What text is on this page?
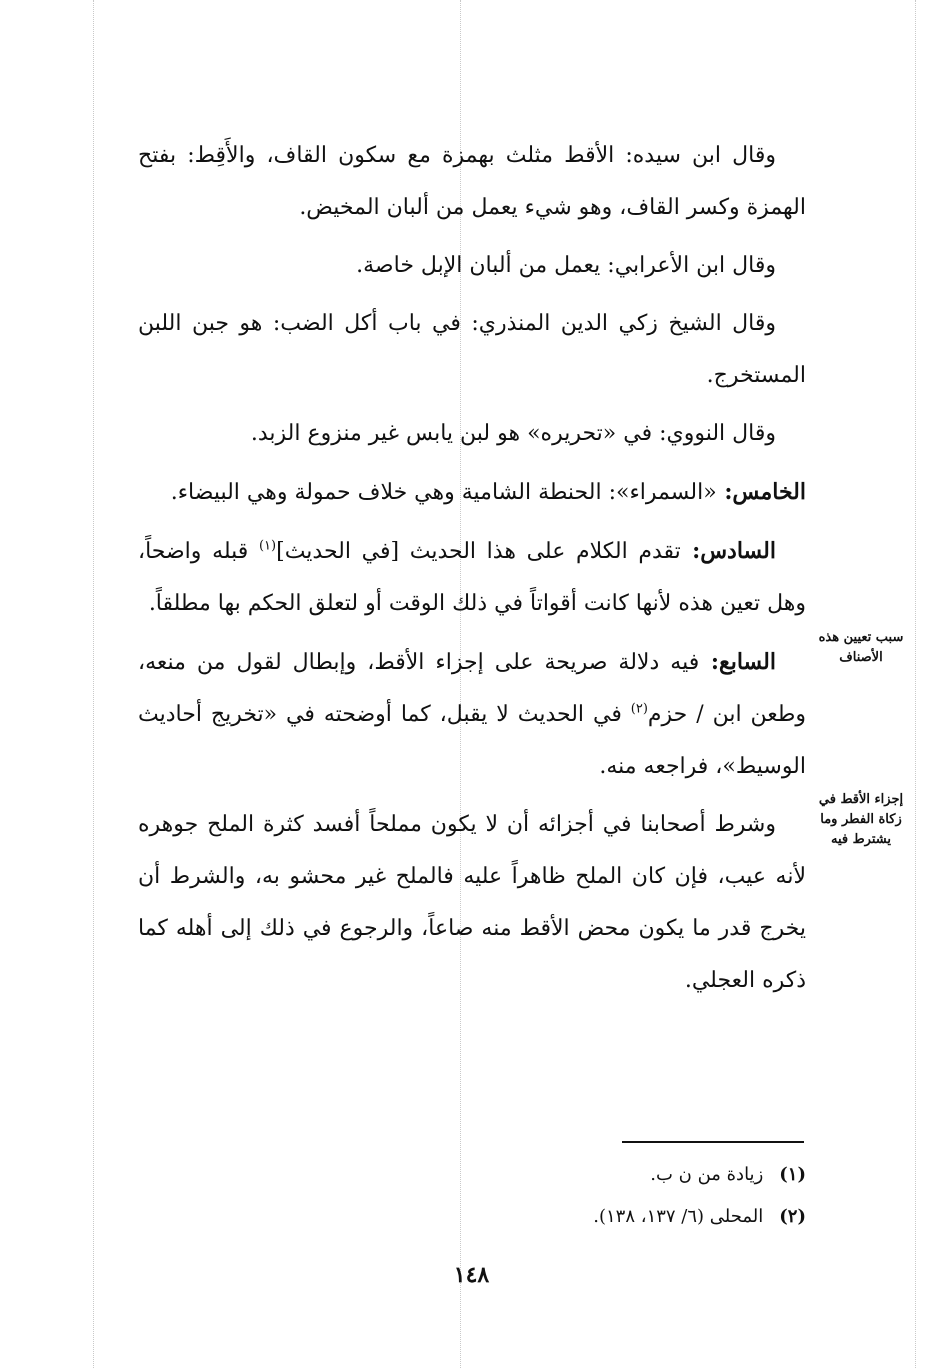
وقال ابن سيده: الأقط مثلث بهمزة مع سكون القاف، والأَقِط: بفتح الهمزة وكسر القاف، وهو شيء يعمل من ألبان المخيض.

وقال ابن الأعرابي: يعمل من ألبان الإبل خاصة.

وقال الشيخ زكي الدين المنذري: في باب أكل الضب: هو جبن اللبن المستخرج.

وقال النووي: في «تحريره» هو لبن يابس غير منزوع الزبد.

الخامس: «السمراء»: الحنطة الشامية وهي خلاف حمولة وهي البيضاء.

السادس: تقدم الكلام على هذا الحديث [في الحديث]$^{(١)}$ قبله واضحاً، وهل تعين هذه لأنها كانت أقواتاً في ذلك الوقت أو لتعلق الحكم بها مطلقاً.

السابع: فيه دلالة صريحة على إجزاء الأقط، وإبطال لقول من منعه، وطعن ابن / حزم$^{(٢)}$ في الحديث لا يقبل، كما أوضحته في «تخريج أحاديث الوسيط»، فراجعه منه.

وشرط أصحابنا في أجزائه أن لا يكون مملحاً أفسد كثرة الملح جوهره لأنه عيب، فإن كان الملح ظاهراً عليه فالملح غير محشو به، والشرط أن يخرج قدر ما يكون محض الأقط منه صاعاً، والرجوع في ذلك إلى أهله كما ذكره العجلي.

سبب تعيين هذه الأصناف
إجزاء الأقط في زكاة الفطر وما يشترط فيه
(١)زيادة من ن ب.
(٢)المحلى (٦/ ١٣٧، ١٣٨).
١٤٨
